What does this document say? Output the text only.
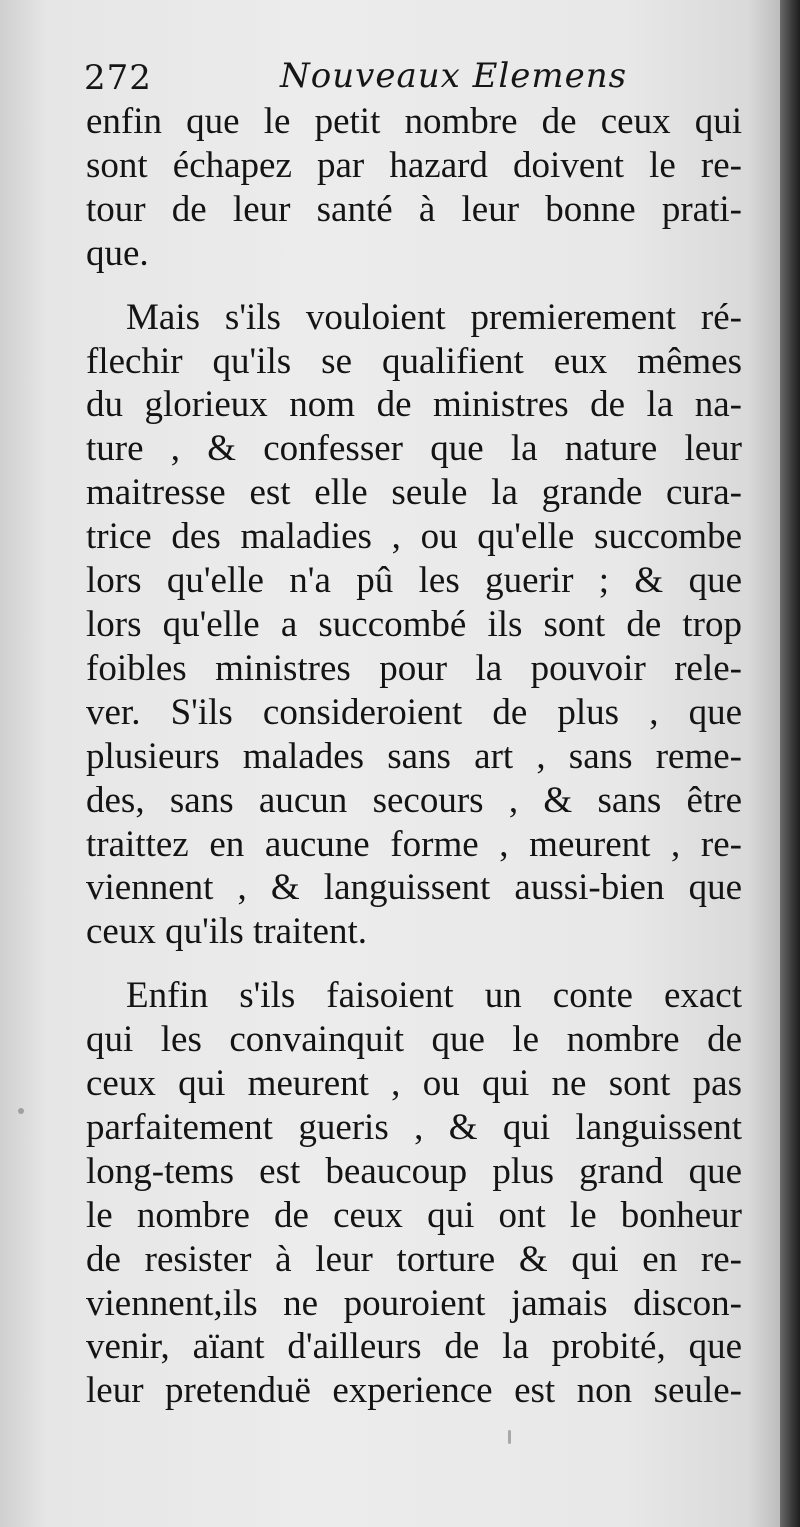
272	Nouveaux Elemens
enfin que le petit nombre de ceux qui
sont échapez par hazard doivent le re-
tour de leur santé à leur bonne prati-
que.
Mais s'ils vouloient premierement ré-
flechir qu'ils se qualifient eux mêmes
du glorieux nom de ministres de la na-
ture , & confesser que la nature leur
maitresse est elle seule la grande cura-
trice des maladies , ou qu'elle succombe
lors qu'elle n'a pû les guerir ; & que
lors qu'elle a succombé ils sont de trop
foibles ministres pour la pouvoir rele-
ver. S'ils consideroient de plus , que
plusieurs malades sans art , sans reme-
des, sans aucun secours , & sans être
traittez en aucune forme , meurent , re-
viennent , & languissent aussi-bien que
ceux qu'ils traitent.
Enfin s'ils faisoient un conte exact
qui les convainquit que le nombre de
ceux qui meurent , ou qui ne sont pas
parfaitement gueris , & qui languissent
long-tems est beaucoup plus grand que
le nombre de ceux qui ont le bonheur
de resister à leur torture & qui en re-
viennent,ils ne pouroient jamais discon-
venir, aïant d'ailleurs de la probité, que
leur pretenduë experience est non seule-
